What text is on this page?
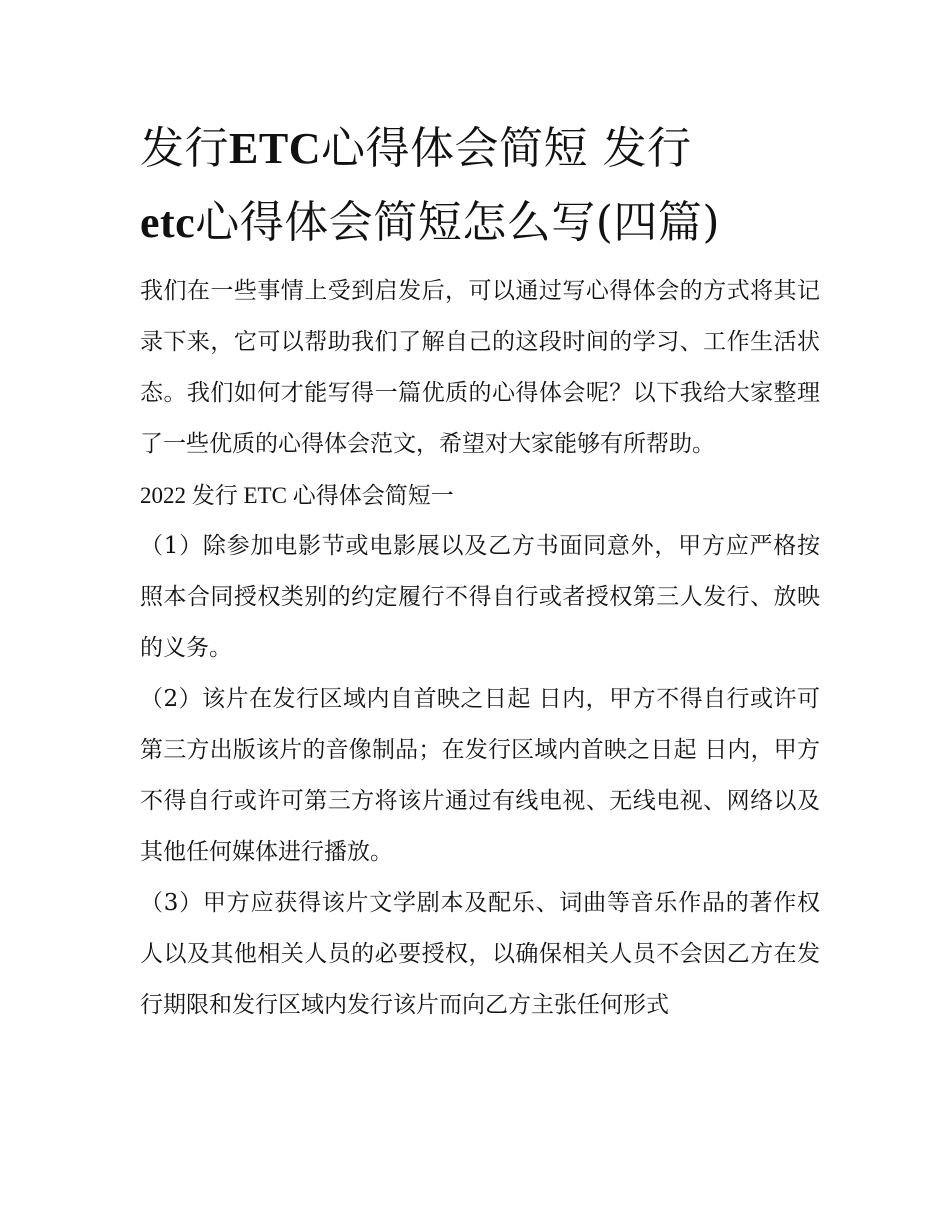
发行ETC心得体会简短 发行
etc心得体会简短怎么写(四篇)

我们在一些事情上受到启发后，可以通过写心得体会的方式将其记录下来，它可以帮助我们了解自己的这段时间的学习、工作生活状态。我们如何才能写得一篇优质的心得体会呢？以下我给大家整理了一些优质的心得体会范文，希望对大家能够有所帮助。

2022 发行 ETC 心得体会简短一

（1）除参加电影节或电影展以及乙方书面同意外，甲方应严格按照本合同授权类别的约定履行不得自行或者授权第三人发行、放映的义务。

（2）该片在发行区域内自首映之日起 日内，甲方不得自行或许可第三方出版该片的音像制品；在发行区域内首映之日起 日内，甲方不得自行或许可第三方将该片通过有线电视、无线电视、网络以及其他任何媒体进行播放。

（3）甲方应获得该片文学剧本及配乐、词曲等音乐作品的著作权人以及其他相关人员的必要授权，以确保相关人员不会因乙方在发行期限和发行区域内发行该片而向乙方主张任何形式
